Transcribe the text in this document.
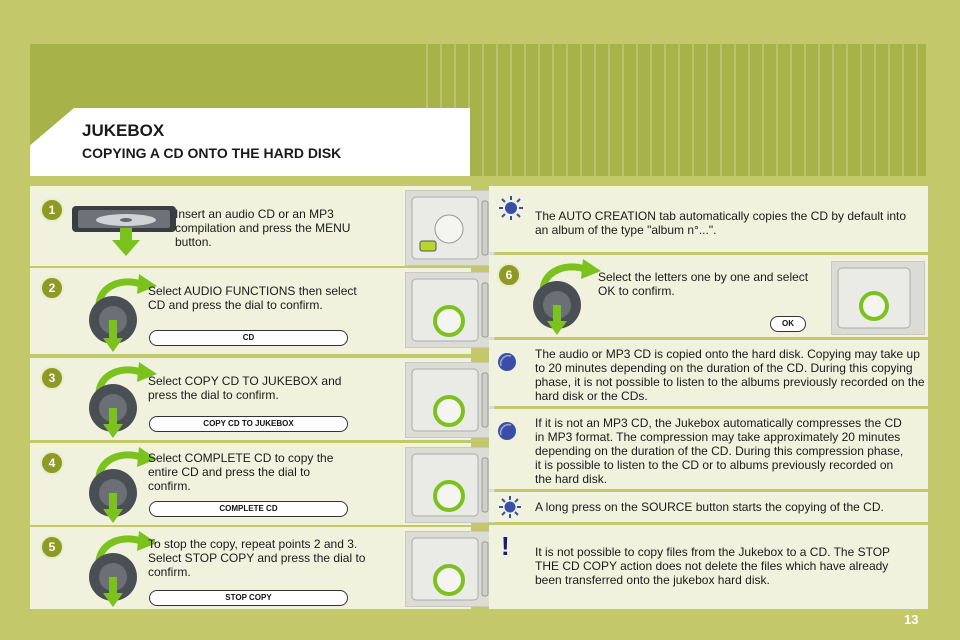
JUKEBOX
COPYING A CD ONTO THE HARD DISK
1	Insert an audio CD or an MP3 compilation and press the MENU button.
2	Select AUDIO FUNCTIONS then select CD and press the dial to confirm.
CD
3	Select COPY CD TO JUKEBOX and press the dial to confirm.
COPY CD TO JUKEBOX
4	Select COMPLETE CD to copy the entire CD and press the dial to confirm.
COMPLETE CD
5	To stop the copy, repeat points 2 and 3. Select STOP COPY and press the dial to confirm.
STOP COPY
The AUTO CREATION tab automatically copies the CD by default into an album of the type "album n°...".
6	Select the letters one by one and select OK to confirm.
OK
The audio or MP3 CD is copied onto the hard disk. Copying may take up to 20 minutes depending on the duration of the CD. During this copying phase, it is not possible to listen to the albums previously recorded on the hard disk or the CDs.
If it is not an MP3 CD, the Jukebox automatically compresses the CD in MP3 format. The compression may take approximately 20 minutes depending on the duration of the CD. During this compression phase, it is possible to listen to the CD or to albums previously recorded on the hard disk.
A long press on the SOURCE button starts the copying of the CD.
!	It is not possible to copy files from the Jukebox to a CD. The STOP THE CD COPY action does not delete the files which have already been transferred onto the jukebox hard disk.
13
